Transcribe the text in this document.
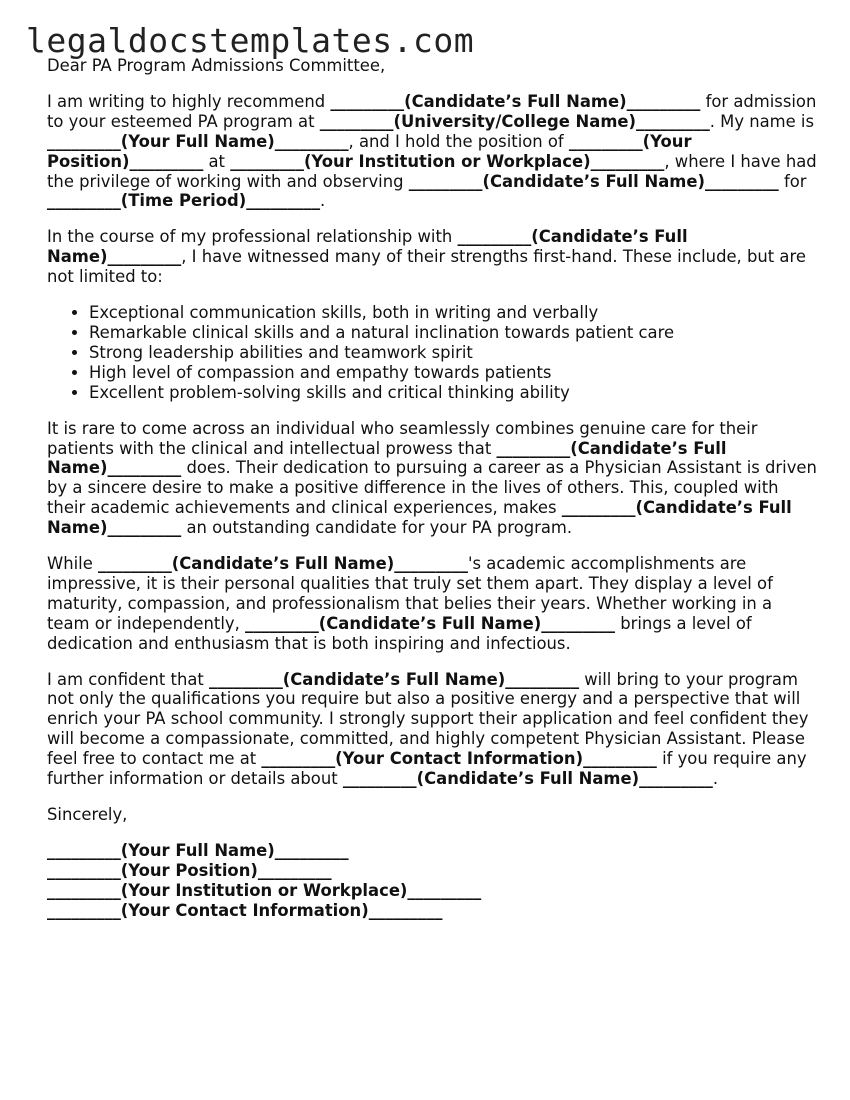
legaldocstemplates.com

Dear PA Program Admissions Committee,

I am writing to highly recommend _________(Candidate’s Full Name)_________ for admission to your esteemed PA program at _________(University/College Name)_________. My name is _________(Your Full Name)_________, and I hold the position of _________(Your Position)_________ at _________(Your Institution or Workplace)_________, where I have had the privilege of working with and observing _________(Candidate’s Full Name)_________ for _________(Time Period)_________.

In the course of my professional relationship with _________(Candidate’s Full Name)_________, I have witnessed many of their strengths first-hand. These include, but are not limited to:

• Exceptional communication skills, both in writing and verbally
• Remarkable clinical skills and a natural inclination towards patient care
• Strong leadership abilities and teamwork spirit
• High level of compassion and empathy towards patients
• Excellent problem-solving skills and critical thinking ability

It is rare to come across an individual who seamlessly combines genuine care for their patients with the clinical and intellectual prowess that _________(Candidate’s Full Name)_________ does. Their dedication to pursuing a career as a Physician Assistant is driven by a sincere desire to make a positive difference in the lives of others. This, coupled with their academic achievements and clinical experiences, makes _________(Candidate’s Full Name)_________ an outstanding candidate for your PA program.

While _________(Candidate’s Full Name)_________'s academic accomplishments are impressive, it is their personal qualities that truly set them apart. They display a level of maturity, compassion, and professionalism that belies their years. Whether working in a team or independently, _________(Candidate’s Full Name)_________ brings a level of dedication and enthusiasm that is both inspiring and infectious.

I am confident that _________(Candidate’s Full Name)_________ will bring to your program not only the qualifications you require but also a positive energy and a perspective that will enrich your PA school community. I strongly support their application and feel confident they will become a compassionate, committed, and highly competent Physician Assistant. Please feel free to contact me at _________(Your Contact Information)_________ if you require any further information or details about _________(Candidate’s Full Name)_________.

Sincerely,

_________(Your Full Name)_________
_________(Your Position)_________
_________(Your Institution or Workplace)_________
_________(Your Contact Information)_________
